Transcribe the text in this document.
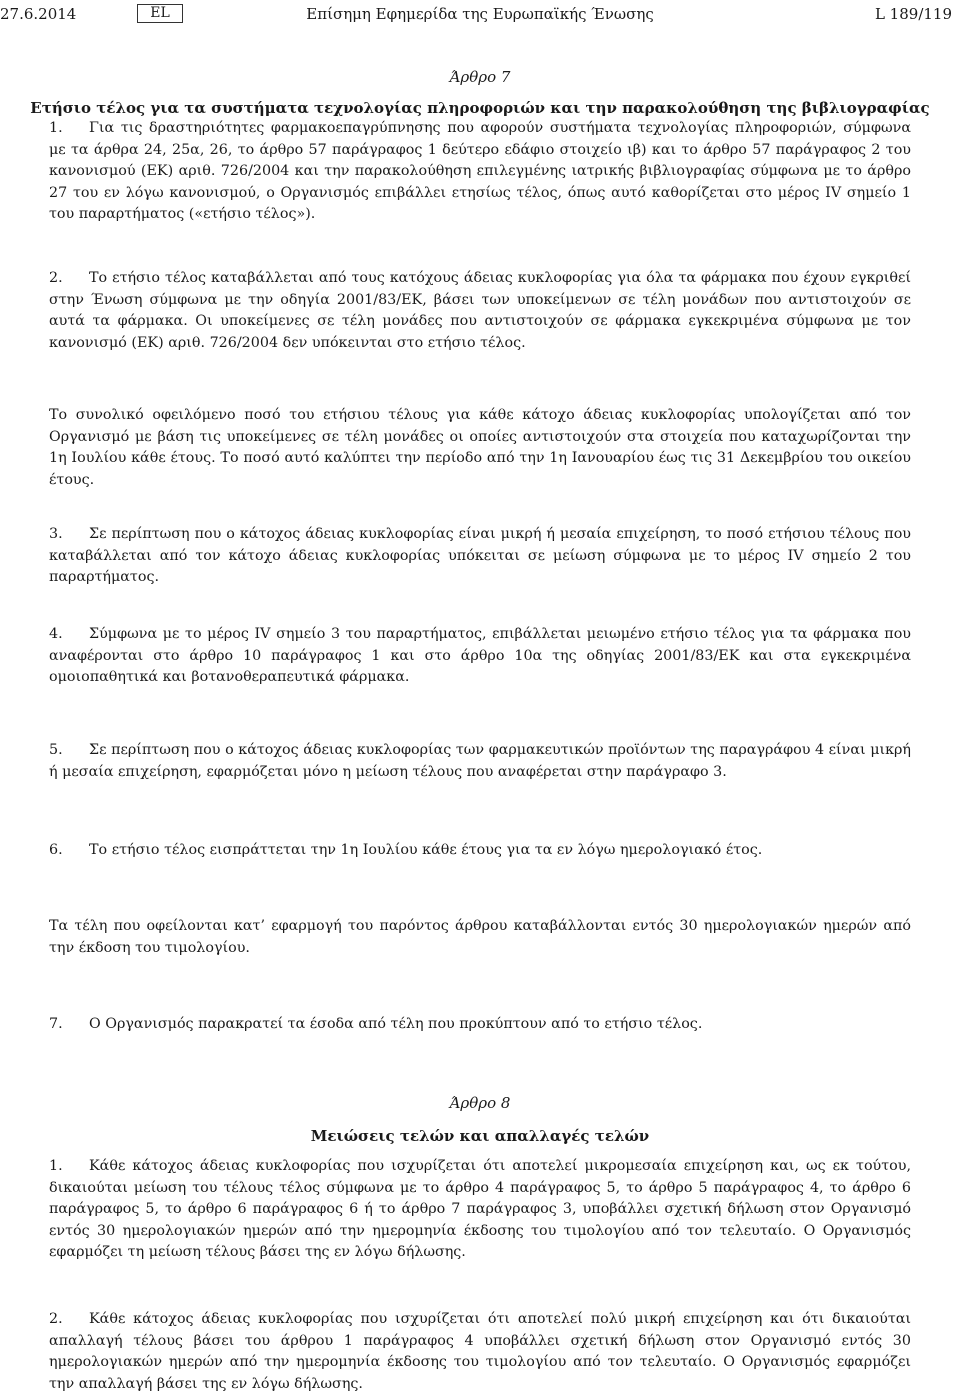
27.6.2014	EL	Επίσημη Εφημερίδα της Ευρωπαϊκής Ένωσης	L 189/119
Άρθρο 7
Ετήσιο τέλος για τα συστήματα τεχνολογίας πληροφοριών και την παρακολούθηση της βιβλιογραφίας
1. Για τις δραστηριότητες φαρμακοεπαγρύπνησης που αφορούν συστήματα τεχνολογίας πληροφοριών, σύμφωνα με τα άρθρα 24, 25α, 26, το άρθρο 57 παράγραφος 1 δεύτερο εδάφιο στοιχείο ιβ) και το άρθρο 57 παράγραφος 2 του κανονισμού (ΕΚ) αριθ. 726/2004 και την παρακολούθηση επιλεγμένης ιατρικής βιβλιογραφίας σύμφωνα με το άρθρο 27 του εν λόγω κανονισμού, ο Οργανισμός επιβάλλει ετησίως τέλος, όπως αυτό καθορίζεται στο μέρος IV σημείο 1 του παραρτήματος («ετήσιο τέλος»).
2. Το ετήσιο τέλος καταβάλλεται από τους κατόχους άδειας κυκλοφορίας για όλα τα φάρμακα που έχουν εγκριθεί στην Ένωση σύμφωνα με την οδηγία 2001/83/ΕΚ, βάσει των υποκείμενων σε τέλη μονάδων που αντιστοιχούν σε αυτά τα φάρμακα. Οι υποκείμενες σε τέλη μονάδες που αντιστοιχούν σε φάρμακα εγκεκριμένα σύμφωνα με τον κανονισμό (ΕΚ) αριθ. 726/2004 δεν υπόκεινται στο ετήσιο τέλος.
Το συνολικό οφειλόμενο ποσό του ετήσιου τέλους για κάθε κάτοχο άδειας κυκλοφορίας υπολογίζεται από τον Οργανισμό με βάση τις υποκείμενες σε τέλη μονάδες οι οποίες αντιστοιχούν στα στοιχεία που καταχωρίζονται την 1η Ιουλίου κάθε έτους. Το ποσό αυτό καλύπτει την περίοδο από την 1η Ιανουαρίου έως τις 31 Δεκεμβρίου του οικείου έτους.
3. Σε περίπτωση που ο κάτοχος άδειας κυκλοφορίας είναι μικρή ή μεσαία επιχείρηση, το ποσό ετήσιου τέλους που καταβάλλεται από τον κάτοχο άδειας κυκλοφορίας υπόκειται σε μείωση σύμφωνα με το μέρος IV σημείο 2 του παραρτήματος.
4. Σύμφωνα με το μέρος IV σημείο 3 του παραρτήματος, επιβάλλεται μειωμένο ετήσιο τέλος για τα φάρμακα που αναφέρονται στο άρθρο 10 παράγραφος 1 και στο άρθρο 10α της οδηγίας 2001/83/ΕΚ και στα εγκεκριμένα ομοιοπαθητικά και βοτανοθεραπευτικά φάρμακα.
5. Σε περίπτωση που ο κάτοχος άδειας κυκλοφορίας των φαρμακευτικών προϊόντων της παραγράφου 4 είναι μικρή ή μεσαία επιχείρηση, εφαρμόζεται μόνο η μείωση τέλους που αναφέρεται στην παράγραφο 3.
6. Το ετήσιο τέλος εισπράττεται την 1η Ιουλίου κάθε έτους για τα εν λόγω ημερολογιακό έτος.
Τα τέλη που οφείλονται κατ’ εφαρμογή του παρόντος άρθρου καταβάλλονται εντός 30 ημερολογιακών ημερών από την έκδοση του τιμολογίου.
7. Ο Οργανισμός παρακρατεί τα έσοδα από τέλη που προκύπτουν από το ετήσιο τέλος.
Άρθρο 8
Μειώσεις τελών και απαλλαγές τελών
1. Κάθε κάτοχος άδειας κυκλοφορίας που ισχυρίζεται ότι αποτελεί μικρομεσαία επιχείρηση και, ως εκ τούτου, δικαιούται μείωση του τέλους τέλος σύμφωνα με το άρθρο 4 παράγραφος 5, το άρθρο 5 παράγραφος 4, το άρθρο 6 παράγραφος 5, το άρθρο 6 παράγραφος 6 ή το άρθρο 7 παράγραφος 3, υποβάλλει σχετική δήλωση στον Οργανισμό εντός 30 ημερολογιακών ημερών από την ημερομηνία έκδοσης του τιμολογίου από τον τελευταίο. Ο Οργανισμός εφαρμόζει τη μείωση τέλους βάσει της εν λόγω δήλωσης.
2. Κάθε κάτοχος άδειας κυκλοφορίας που ισχυρίζεται ότι αποτελεί πολύ μικρή επιχείρηση και ότι δικαιούται απαλλαγή τέλους βάσει του άρθρου 1 παράγραφος 4 υποβάλλει σχετική δήλωση στον Οργανισμό εντός 30 ημερολογιακών ημερών από την ημερομηνία έκδοσης του τιμολογίου από τον τελευταίο. Ο Οργανισμός εφαρμόζει την απαλλαγή βάσει της εν λόγω δήλωσης.
